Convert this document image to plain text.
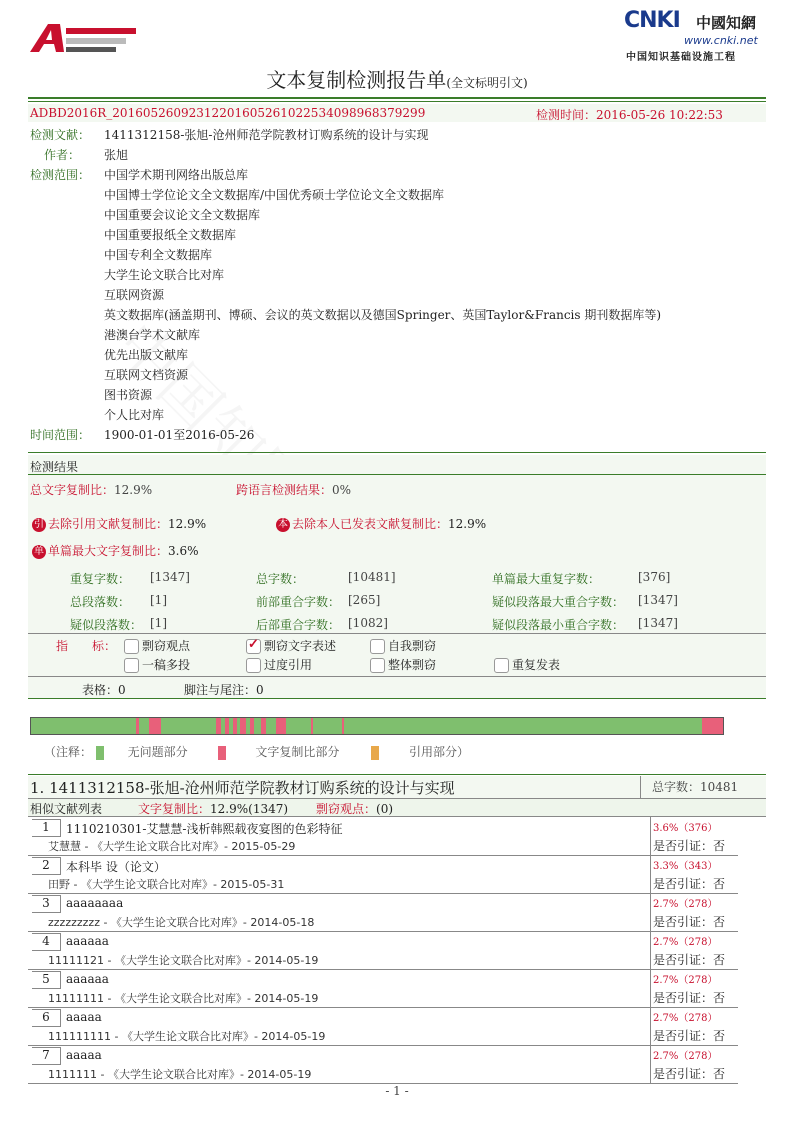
CNKI 中國知網
www.cnki.net
中国知识基础设施工程
文本复制检测报告单(全文标明引文)
ADBD2016R_20160526092312201605261022534098968379299	检测时间：2016-05-26 10:22:53
检测文献： 1411312158-张旭-沧州师范学院教材订购系统的设计与实现
作者： 张旭
检测范围： 中国学术期刊网络出版总库
中国博士学位论文全文数据库/中国优秀硕士学位论文全文数据库
中国重要会议论文全文数据库
中国重要报纸全文数据库
中国专利全文数据库
大学生论文联合比对库
互联网资源
英文数据库(涵盖期刊、博硕、会议的英文数据以及德国Springer、英国Taylor&Francis 期刊数据库等)
港澳台学术文献库
优先出版文献库
互联网文档资源
图书资源
个人比对库
时间范围： 1900-01-01至2016-05-26
检测结果
总文字复制比：12.9%	跨语言检测结果：0%
引 去除引用文献复制比：12.9%	本 去除本人已发表文献复制比：12.9%
单 单篇最大文字复制比：3.6%
重复字数： [1347]	总字数：	[10481]	单篇最大重复字数：	[376]
总段落数： [1]	前部重合字数： [265]	疑似段落最大重合字数： [1347]
疑似段落数： [1]	后部重合字数： [1082]	疑似段落最小重合字数： [1347]
指　　标：	剽窃观点
✓	剽窃文字表述	自我剽窃
一稿多投	过度引用	整体剽窃	重复发表
表格：0	脚注与尾注：0
（注释：	无问题部分	文字复制比部分	引用部分）
1. 1411312158-张旭-沧州师范学院教材订购系统的设计与实现	总字数：10481
相似文献列表	文字复制比：12.9%(1347) 剽窃观点：(0)
1	1110210301-艾慧慧-浅析韩熙载夜宴图的色彩特征
艾慧慧 - 《大学生论文联合比对库》- 2015-05-29
3.6%（376）
是否引证：否
2	本科毕 设（论文）
田野 - 《大学生论文联合比对库》- 2015-05-31
3.3%（343）
是否引证：否
3	aaaaaaaa
zzzzzzzzz - 《大学生论文联合比对库》- 2014-05-18
2.7%（278）
是否引证：否
4	aaaaaa
11111121 - 《大学生论文联合比对库》- 2014-05-19
2.7%（278）
是否引证：否
5	aaaaaa
11111111 - 《大学生论文联合比对库》- 2014-05-19
2.7%（278）
是否引证：否
6	aaaaa
111111111 - 《大学生论文联合比对库》- 2014-05-19
2.7%（278）
是否引证：否
7	aaaaa
1111111 - 《大学生论文联合比对库》- 2014-05-19
2.7%（278）
是否引证：否
- 1 -
